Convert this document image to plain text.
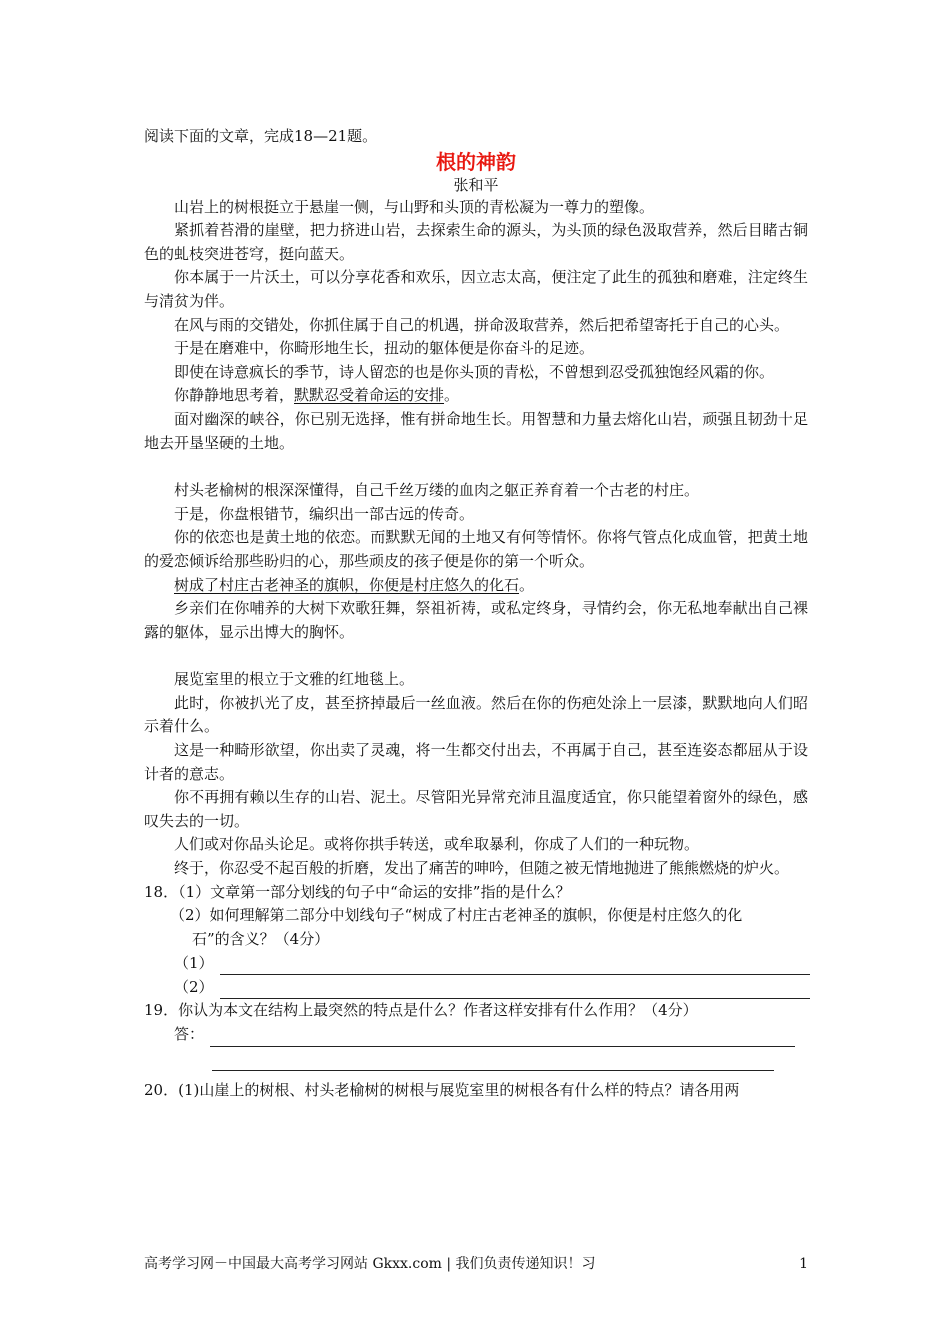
阅读下面的文章，完成18—21题。

根的神韵

张和平

山岩上的树根挺立于悬崖一侧，与山野和头顶的青松凝为一尊力的塑像。

紧抓着苔滑的崖壁，把力挤进山岩，去探索生命的源头，为头顶的绿色汲取营养，然后目睹古铜色的虬枝突进苍穹，挺向蓝天。

你本属于一片沃土，可以分享花香和欢乐，因立志太高，便注定了此生的孤独和磨难，注定终生与清贫为伴。

在风与雨的交错处，你抓住属于自己的机遇，拼命汲取营养，然后把希望寄托于自己的心头。

于是在磨难中，你畸形地生长，扭动的躯体便是你奋斗的足迹。

即使在诗意疯长的季节，诗人留恋的也是你头顶的青松，不曾想到忍受孤独饱经风霜的你。

你静静地思考着，默默忍受着命运的安排。

面对幽深的峡谷，你已别无选择，惟有拼命地生长。用智慧和力量去熔化山岩，顽强且韧劲十足地去开垦坚硬的土地。

村头老榆树的根深深懂得，自己千丝万缕的血肉之躯正养育着一个古老的村庄。

于是，你盘根错节，编织出一部古远的传奇。

你的依恋也是黄土地的依恋。而默默无闻的土地又有何等情怀。你将气管点化成血管，把黄土地的爱恋倾诉给那些盼归的心，那些顽皮的孩子便是你的第一个听众。

树成了村庄古老神圣的旗帜，你便是村庄悠久的化石。

乡亲们在你哺养的大树下欢歌狂舞，祭祖祈祷，或私定终身，寻情约会，你无私地奉献出自己裸露的躯体，显示出博大的胸怀。

展览室里的根立于文雅的红地毯上。

此时，你被扒光了皮，甚至挤掉最后一丝血液。然后在你的伤疤处涂上一层漆，默默地向人们昭示着什么。

这是一种畸形欲望，你出卖了灵魂，将一生都交付出去，不再属于自己，甚至连姿态都屈从于设计者的意志。

你不再拥有赖以生存的山岩、泥土。尽管阳光异常充沛且温度适宜，你只能望着窗外的绿色，感叹失去的一切。

人们或对你品头论足。或将你拱手转送，或牟取暴利，你成了人们的一种玩物。

终于，你忍受不起百般的折磨，发出了痛苦的呻吟，但随之被无情地抛进了熊熊燃烧的炉火。

18．（1）文章第一部分划线的句子中“命运的安排”指的是什么？

（2）如何理解第二部分中划线句子“树成了村庄古老神圣的旗帜，你便是村庄悠久的化

石”的含义？（4分）

（1）
（2）

19．你认为本文在结构上最突然的特点是什么？作者这样安排有什么作用？（4分）

答：

20．(1)山崖上的树根、村头老榆树的树根与展览室里的树根各有什么样的特点？请各用两

高考学习网－中国最大高考学习网站 Gkxx.com | 我们负责传递知识！习	1
